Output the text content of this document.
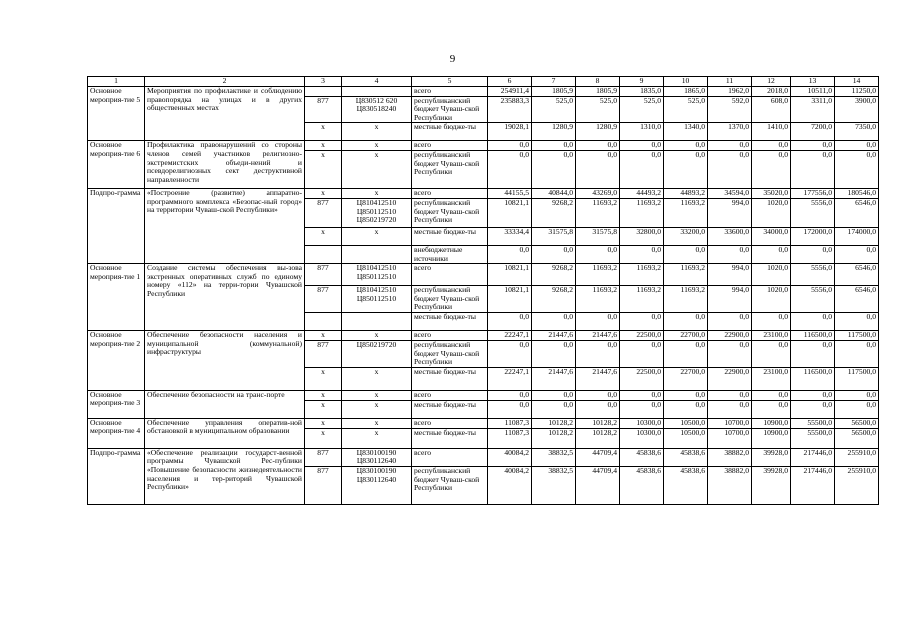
9
1	2	3	4	5	6	7	8	9	10	11	12	13	14
Основное мероприя-тие 5	Мероприятия по профилактике и соблюдению правопорядка на улицах и в других общественных местах			всего	254911,4	1805,9	1805,9	1835,0	1865,0	1962,0	2018,0	10511,0	11250,0
		877	Ц830512 620 Ц830518240	республиканский бюджет Чуваш-ской Республики	235883,3	525,0	525,0	525,0	525,0	592,0	608,0	3311,0	3900,0
		х	х	местные бюдже-ты	19028,1	1280,9	1280,9	1310,0	1340,0	1370,0	1410,0	7200,0	7350,0
Основное мероприя-тие 6	Профилактика правонарушений со стороны членов семей участников религиозно-экстремистских объеди-нений и псевдорелигиозных сект деструктивной направленности	х	х	всего	0,0	0,0	0,0	0,0	0,0	0,0	0,0	0,0	0,0
		х	х	республиканский бюджет Чуваш-ской Республики	0,0	0,0	0,0	0,0	0,0	0,0	0,0	0,0	0,0
Подпро-грамма	«Построение (развитие) аппаратно-программного комплекса «Безопас-ный город» на территории Чуваш-ской Республики»	х	х	всего	44155,5	40844,0	43269,0	44493,2	44893,2	34594,0	35020,0	177556,0	180546,0
		877	Ц810412510 Ц850112510 Ц850219720	республиканский бюджет Чуваш-ской Республики	10821,1	9268,2	11693,2	11693,2	11693,2	994,0	1020,0	5556,0	6546,0
		х	х	местные бюдже-ты	33334,4	31575,8	31575,8	32800,0	33200,0	33600,0	34000,0	172000,0	174000,0
				внебюджетные источники	0,0	0,0	0,0	0,0	0,0	0,0	0,0	0,0	0,0
Основное мероприя-тие 1	Создание системы обеспечения вы-зова экстренных оперативных служб по единому номеру «112» на терри-тории Чувашской Республики	877	Ц810412510 Ц850112510	всего	10821,1	9268,2	11693,2	11693,2	11693,2	994,0	1020,0	5556,0	6546,0
		877	Ц810412510 Ц850112510	республиканский бюджет Чуваш-ской Республики	10821,1	9268,2	11693,2	11693,2	11693,2	994,0	1020,0	5556,0	6546,0
				местные бюдже-ты	0,0	0,0	0,0	0,0	0,0	0,0	0,0	0,0	0,0
Основное мероприя-тие 2	Обеспечение безопасности населения и муниципальной (коммунальной) инфраструктуры	х	х	всего	22247,1	21447,6	21447,6	22500,0	22700,0	22900,0	23100,0	116500,0	117500,0
		877	Ц850219720	республиканский бюджет Чуваш-ской Республики	0,0	0,0	0,0	0,0	0,0	0,0	0,0	0,0	0,0
		х	х	местные бюдже-ты	22247,1	21447,6	21447,6	22500,0	22700,0	22900,0	23100,0	116500,0	117500,0
Основное мероприя-тие 3	Обеспечение безопасности на транс-порте	х	х	всего	0,0	0,0	0,0	0,0	0,0	0,0	0,0	0,0	0,0
		х	х	местные бюдже-ты	0,0	0,0	0,0	0,0	0,0	0,0	0,0	0,0	0,0
Основное мероприя-тие 4	Обеспечение управления оператив-ной обстановкой в муниципальном образовании	х	х	всего	11087,3	10128,2	10128,2	10300,0	10500,0	10700,0	10900,0	55500,0	56500,0
		х	х	местные бюдже-ты	11087,3	10128,2	10128,2	10300,0	10500,0	10700,0	10900,0	55500,0	56500,0
Подпро-грамма	«Обеспечение реализации государст-венной программы Чувашской Рес-публики «Повышение безопасности жизнедеятельности населения и тер-риторий Чувашской Республики»	877	Ц830100190 Ц830112640	всего	40084,2	38832,5	44709,4	45838,6	45838,6	38882,0	39928,0	217446,0	255910,0
		877	Ц830100190 Ц830112640	республиканский бюджет Чуваш-ской Республики	40084,2	38832,5	44709,4	45838,6	45838,6	38882,0	39928,0	217446,0	255910,0
